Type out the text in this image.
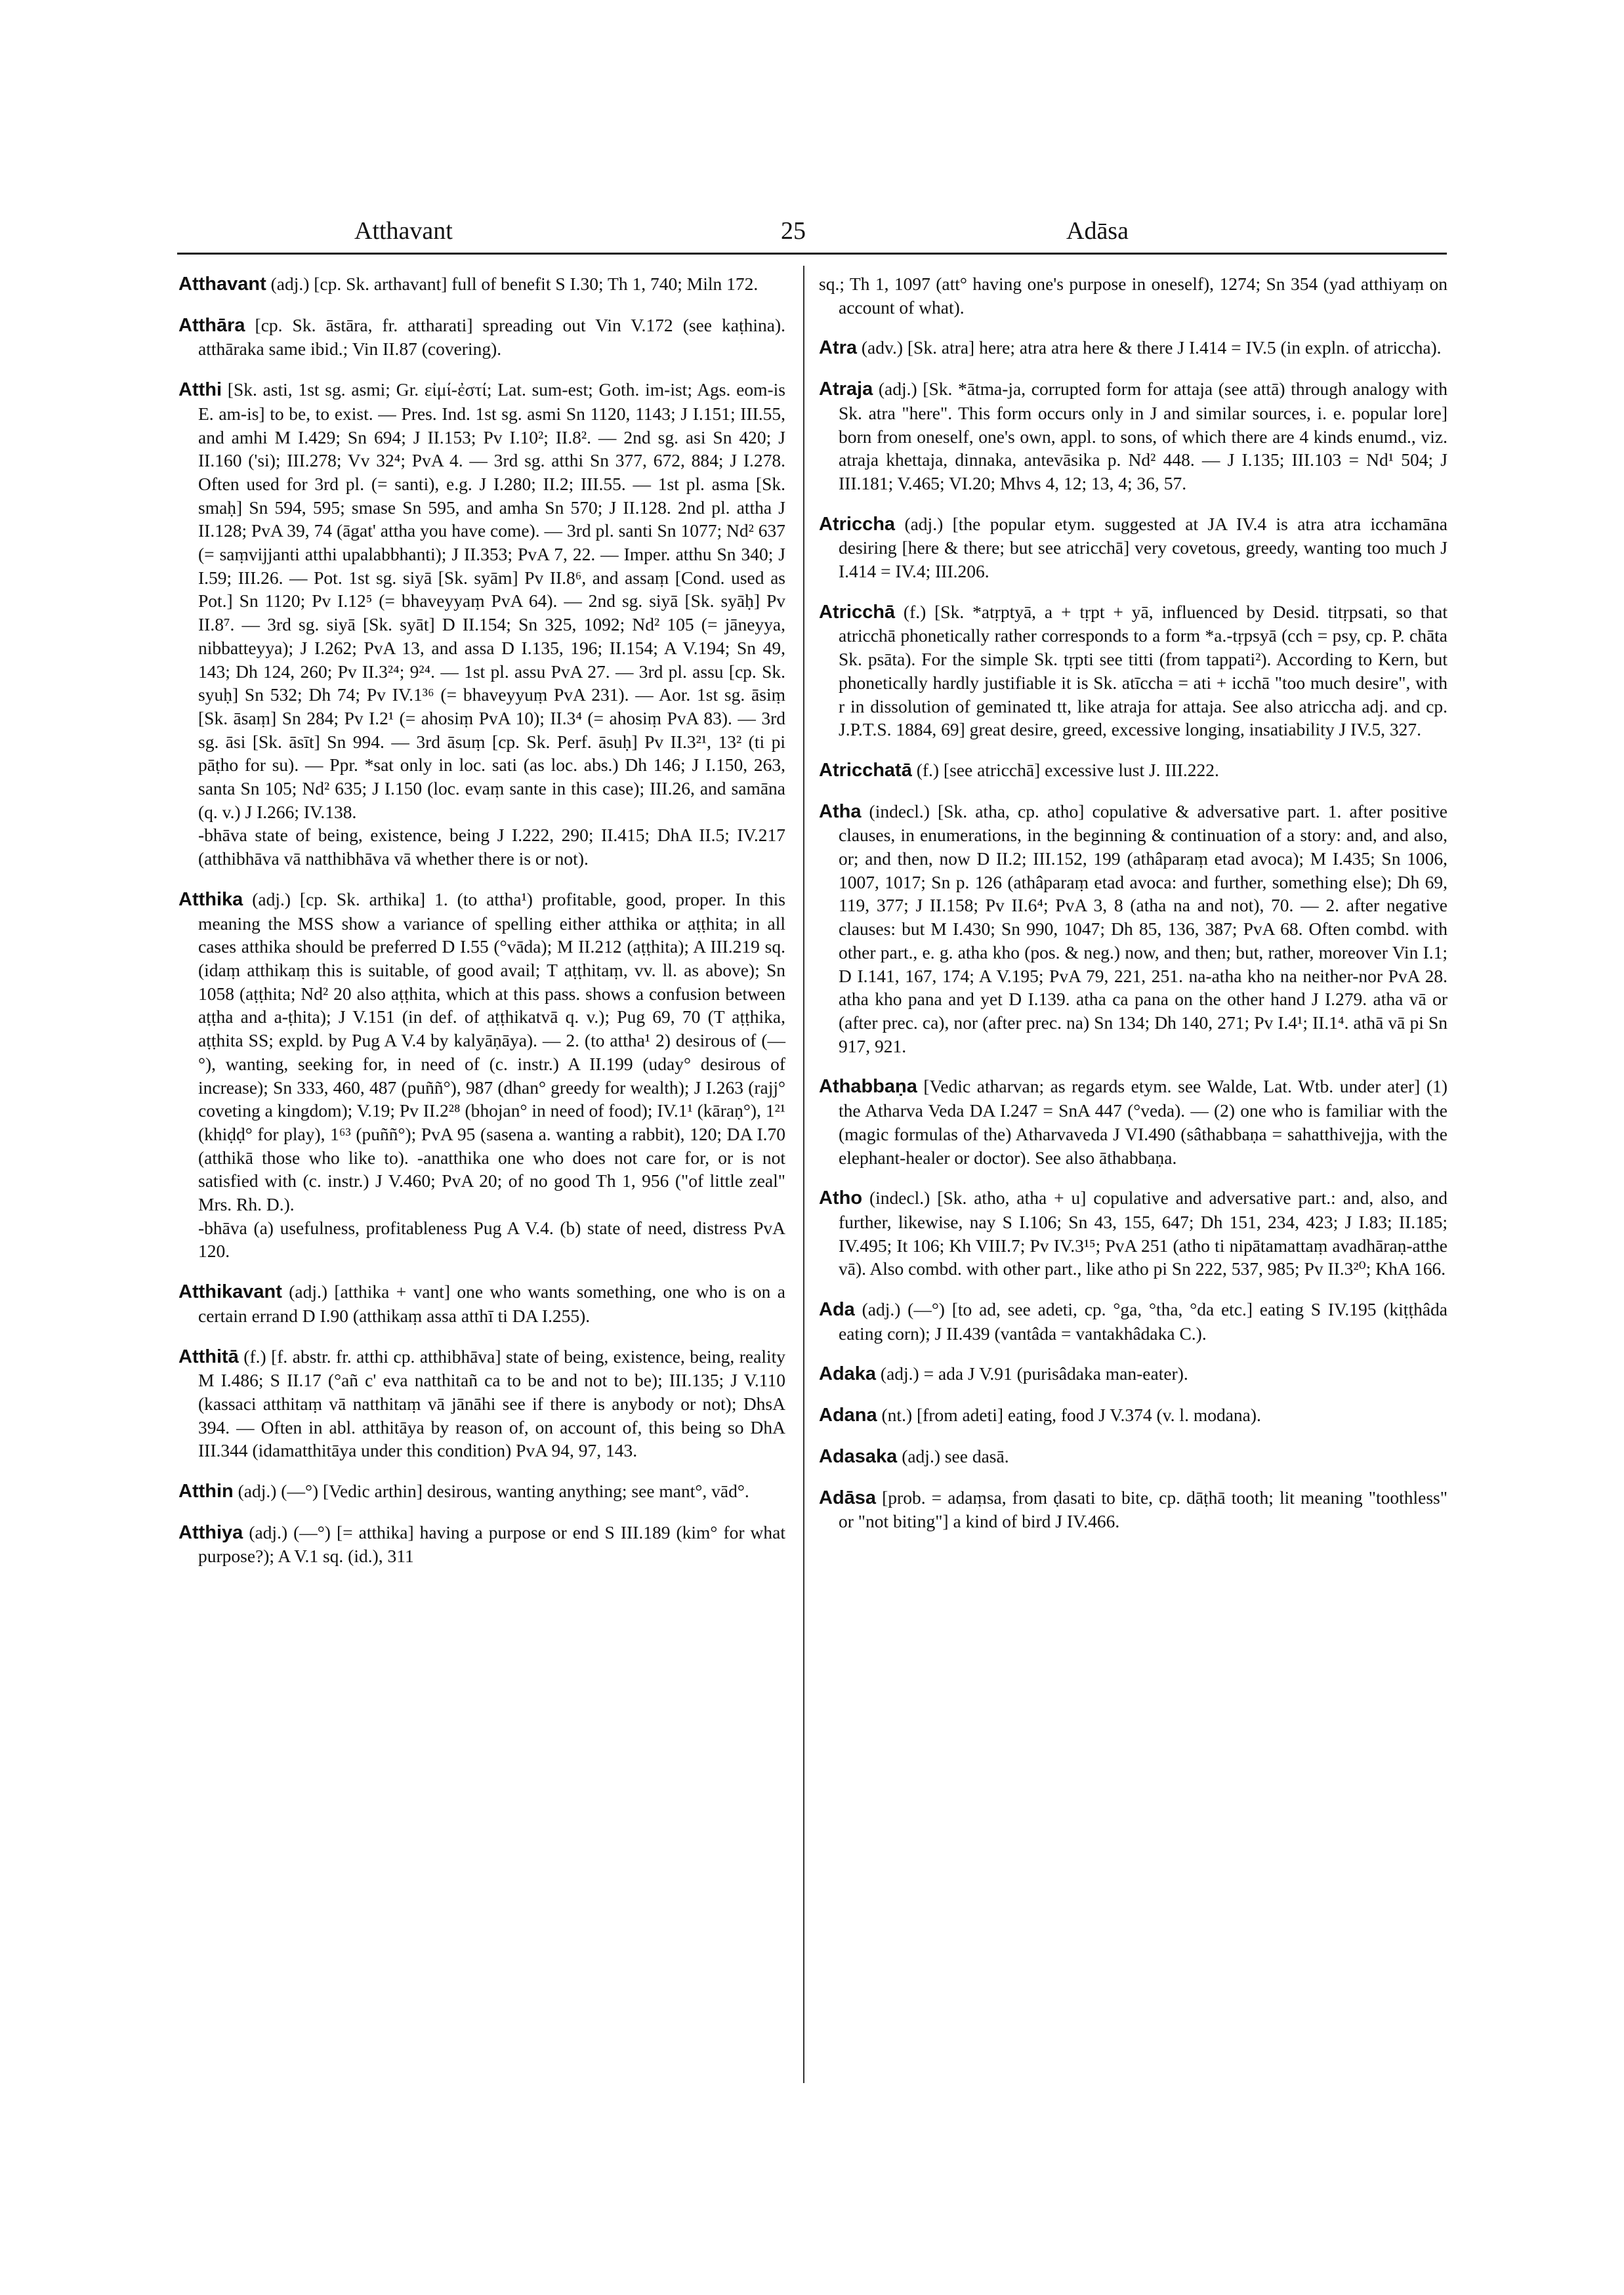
Atthavant	25	Adāsa

Atthavant (adj.) [cp. Sk. arthavant] full of benefit S I.30; Th 1, 740; Miln 172.

Atthāra [cp. Sk. āstāra, fr. attharati] spreading out Vin V.172 (see kaṭhina). atthāraka same ibid.; Vin II.87 (covering).

Atthi [Sk. asti, 1st sg. asmi; Gr. εἰμί-ἐστί; Lat. sum-est; Goth. im-ist; Ags. eom-is E. am-is] to be, to exist. — Pres. Ind. 1st sg. asmi Sn 1120, 1143; J I.151; III.55, and amhi M I.429; Sn 694; J II.153; Pv I.10²; II.8². — 2nd sg. asi Sn 420; J II.160 ('si); III.278; Vv 32⁴; PvA 4. — 3rd sg. atthi Sn 377, 672, 884; J I.278. Often used for 3rd pl. (= santi), e.g. J I.280; II.2; III.55. — 1st pl. asma [Sk. smaḥ] Sn 594, 595; smase Sn 595, and amha Sn 570; J II.128. 2nd pl. attha J II.128; PvA 39, 74 (āgat' attha you have come). — 3rd pl. santi Sn 1077; Nd² 637 (= saṃvijjanti atthi upalabbhanti); J II.353; PvA 7, 22. — Imper. atthu Sn 340; J I.59; III.26. — Pot. 1st sg. siyā [Sk. syām] Pv II.8⁶, and assaṃ [Cond. used as Pot.] Sn 1120; Pv I.12⁵ (= bhaveyyaṃ PvA 64). — 2nd sg. siyā [Sk. syāḥ] Pv II.8⁷. — 3rd sg. siyā [Sk. syāt] D II.154; Sn 325, 1092; Nd² 105 (= jāneyya, nibbatteyya); J I.262; PvA 13, and assa D I.135, 196; II.154; A V.194; Sn 49, 143; Dh 124, 260; Pv II.3²⁴; 9²⁴. — 1st pl. assu PvA 27. — 3rd pl. assu [cp. Sk. syuḥ] Sn 532; Dh 74; Pv IV.1³⁶ (= bhaveyyuṃ PvA 231). — Aor. 1st sg. āsiṃ [Sk. āsaṃ] Sn 284; Pv I.2¹ (= ahosiṃ PvA 10); II.3⁴ (= ahosiṃ PvA 83). — 3rd sg. āsi [Sk. āsīt] Sn 994. — 3rd āsuṃ [cp. Sk. Perf. āsuḥ] Pv II.3²¹, 13² (ti pi pāṭho for su). — Ppr. *sat only in loc. sati (as loc. abs.) Dh 146; J I.150, 263, santa Sn 105; Nd² 635; J I.150 (loc. evaṃ sante in this case); III.26, and samāna (q. v.) J I.266; IV.138.
-bhāva state of being, existence, being J I.222, 290; II.415; DhA II.5; IV.217 (atthibhāva vā natthibhāva vā whether there is or not).

Atthika (adj.) [cp. Sk. arthika] 1. (to attha¹) profitable, good, proper. In this meaning the MSS show a variance of spelling either atthika or aṭṭhita; in all cases atthika should be preferred D I.55 (°vāda); M II.212 (aṭṭhita); A III.219 sq. (idaṃ atthikaṃ this is suitable, of good avail; T aṭṭhitaṃ, vv. ll. as above); Sn 1058 (aṭṭhita; Nd² 20 also aṭṭhita, which at this pass. shows a confusion between aṭṭha and a-ṭhita); J V.151 (in def. of aṭṭhikatvā q. v.); Pug 69, 70 (T aṭṭhika, aṭṭhita SS; expld. by Pug A V.4 by kalyāṇāya). — 2. (to attha¹ 2) desirous of (—°), wanting, seeking for, in need of (c. instr.) A II.199 (uday° desirous of increase); Sn 333, 460, 487 (puññ°), 987 (dhan° greedy for wealth); J I.263 (rajj° coveting a kingdom); V.19; Pv II.2²⁸ (bhojan° in need of food); IV.1¹ (kāraṇ°), 1²¹ (khiḍḍ° for play), 1⁶³ (puññ°); PvA 95 (sasena a. wanting a rabbit), 120; DA I.70 (atthikā those who like to). -anatthika one who does not care for, or is not satisfied with (c. instr.) J V.460; PvA 20; of no good Th 1, 956 ("of little zeal" Mrs. Rh. D.).
-bhāva (a) usefulness, profitableness Pug A V.4. (b) state of need, distress PvA 120.

Atthikavant (adj.) [atthika + vant] one who wants something, one who is on a certain errand D I.90 (atthikaṃ assa atthī ti DA I.255).

Atthitā (f.) [f. abstr. fr. atthi cp. atthibhāva] state of being, existence, being, reality M I.486; S II.17 (°añ c' eva natthitañ ca to be and not to be); III.135; J V.110 (kassaci atthitaṃ vā natthitaṃ vā jānāhi see if there is anybody or not); DhsA 394. — Often in abl. atthitāya by reason of, on account of, this being so DhA III.344 (idamatthitāya under this condition) PvA 94, 97, 143.

Atthin (adj.) (—°) [Vedic arthin] desirous, wanting anything; see mant°, vād°.

Atthiya (adj.) (—°) [= atthika] having a purpose or end S III.189 (kim° for what purpose?); A V.1 sq. (id.), 311

sq.; Th 1, 1097 (att° having one's purpose in oneself), 1274; Sn 354 (yad atthiyaṃ on account of what).

Atra (adv.) [Sk. atra] here; atra atra here & there J I.414 = IV.5 (in expln. of atriccha).

Atraja (adj.) [Sk. *ātma-ja, corrupted form for attaja (see attā) through analogy with Sk. atra "here". This form occurs only in J and similar sources, i. e. popular lore] born from oneself, one's own, appl. to sons, of which there are 4 kinds enumd., viz. atraja khettaja, dinnaka, antevāsika p. Nd² 448. — J I.135; III.103 = Nd¹ 504; J III.181; V.465; VI.20; Mhvs 4, 12; 13, 4; 36, 57.

Atriccha (adj.) [the popular etym. suggested at JA IV.4 is atra atra icchamāna desiring [here & there; but see atricchā] very covetous, greedy, wanting too much J I.414 = IV.4; III.206.

Atricchā (f.) [Sk. *atṛptyā, a + tṛpt + yā, influenced by Desid. titṛpsati, so that atricchā phonetically rather corresponds to a form *a.-tṛpsyā (cch = psy, cp. P. chāta Sk. psāta). For the simple Sk. tṛpti see titti (from tappati²). According to Kern, but phonetically hardly justifiable it is Sk. atīccha = ati + icchā "too much desire", with r in dissolution of geminated tt, like atraja for attaja. See also atriccha adj. and cp. J.P.T.S. 1884, 69] great desire, greed, excessive longing, insatiability J IV.5, 327.

Atricchatā (f.) [see atricchā] excessive lust J. III.222.

Atha (indecl.) [Sk. atha, cp. atho] copulative & adversative part. 1. after positive clauses, in enumerations, in the beginning & continuation of a story: and, and also, or; and then, now D II.2; III.152, 199 (athâparaṃ etad avoca); M I.435; Sn 1006, 1007, 1017; Sn p. 126 (athâparaṃ etad avoca: and further, something else); Dh 69, 119, 377; J II.158; Pv II.6⁴; PvA 3, 8 (atha na and not), 70. — 2. after negative clauses: but M I.430; Sn 990, 1047; Dh 85, 136, 387; PvA 68. Often combd. with other part., e. g. atha kho (pos. & neg.) now, and then; but, rather, moreover Vin I.1; D I.141, 167, 174; A V.195; PvA 79, 221, 251. na-atha kho na neither-nor PvA 28. atha kho pana and yet D I.139. atha ca pana on the other hand J I.279. atha vā or (after prec. ca), nor (after prec. na) Sn 134; Dh 140, 271; Pv I.4¹; II.1⁴. athā vā pi Sn 917, 921.

Athabbaṇa [Vedic atharvan; as regards etym. see Walde, Lat. Wtb. under ater] (1) the Atharva Veda DA I.247 = SnA 447 (°veda). — (2) one who is familiar with the (magic formulas of the) Atharvaveda J VI.490 (sâthabbaṇa = sahatthivejja, with the elephant-healer or doctor). See also āthabbaṇa.

Atho (indecl.) [Sk. atho, atha + u] copulative and adversative part.: and, also, and further, likewise, nay S I.106; Sn 43, 155, 647; Dh 151, 234, 423; J I.83; II.185; IV.495; It 106; Kh VIII.7; Pv IV.3¹⁵; PvA 251 (atho ti nipātamattaṃ avadhāraṇ-atthe vā). Also combd. with other part., like atho pi Sn 222, 537, 985; Pv II.3²⁰; KhA 166.

Ada (adj.) (—°) [to ad, see adeti, cp. °ga, °tha, °da etc.] eating S IV.195 (kiṭṭhâda eating corn); J II.439 (vantâda = vantakhâdaka C.).

Adaka (adj.) = ada J V.91 (purisâdaka man-eater).

Adana (nt.) [from adeti] eating, food J V.374 (v. l. modana).

Adasaka (adj.) see dasā.

Adāsa [prob. = adaṃsa, from ḍasati to bite, cp. dāṭhā tooth; lit meaning "toothless" or "not biting"] a kind of bird J IV.466.
